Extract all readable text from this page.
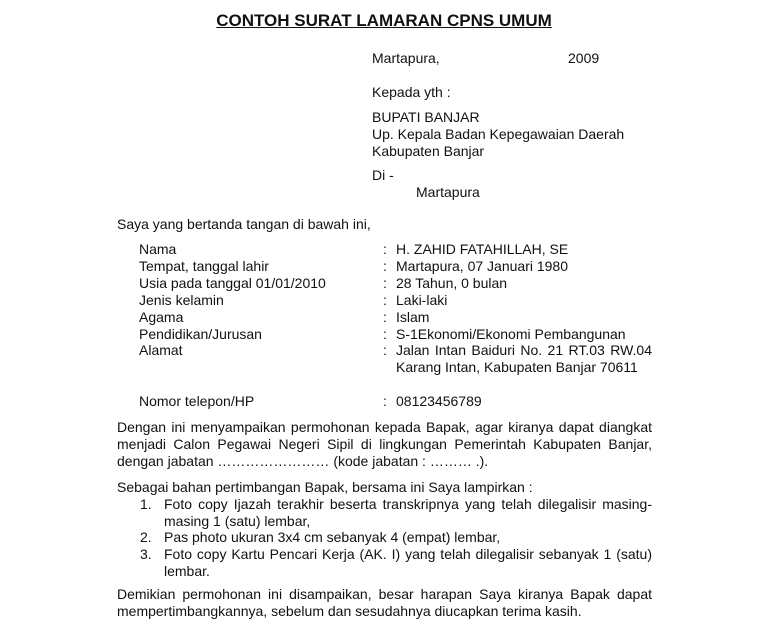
CONTOH SURAT LAMARAN CPNS UMUM
Martapura,	2009
Kepada yth :
BUPATI BANJAR
Up. Kepala Badan Kepegawaian Daerah
Kabupaten Banjar
Di -
Martapura
Saya yang bertanda tangan di bawah ini,
Nama	: H. ZAHID FATAHILLAH, SE
Tempat, tanggal lahir	: Martapura, 07 Januari 1980
Usia pada tanggal 01/01/2010	: 28 Tahun, 0 bulan
Jenis kelamin	: Laki-laki
Agama	: Islam
Pendidikan/Jurusan	: S-1Ekonomi/Ekonomi Pembangunan
Alamat	: Jalan Intan Baiduri No. 21 RT.03 RW.04 Karang Intan, Kabupaten Banjar 70611
Nomor telepon/HP	: 08123456789
Dengan ini menyampaikan permohonan kepada Bapak, agar kiranya dapat diangkat menjadi Calon Pegawai Negeri Sipil di lingkungan Pemerintah Kabupaten Banjar, dengan jabatan …………………… (kode jabatan : ……… .).
Sebagai bahan pertimbangan Bapak, bersama ini Saya lampirkan :
1. Foto copy Ijazah terakhir beserta transkripnya yang telah dilegalisir masing-masing 1 (satu) lembar,
2. Pas photo ukuran 3x4 cm sebanyak 4 (empat) lembar,
3. Foto copy Kartu Pencari Kerja (AK. I) yang telah dilegalisir sebanyak 1 (satu) lembar.
Demikian permohonan ini disampaikan, besar harapan Saya kiranya Bapak dapat mempertimbangkannya, sebelum dan sesudahnya diucapkan terima kasih.
